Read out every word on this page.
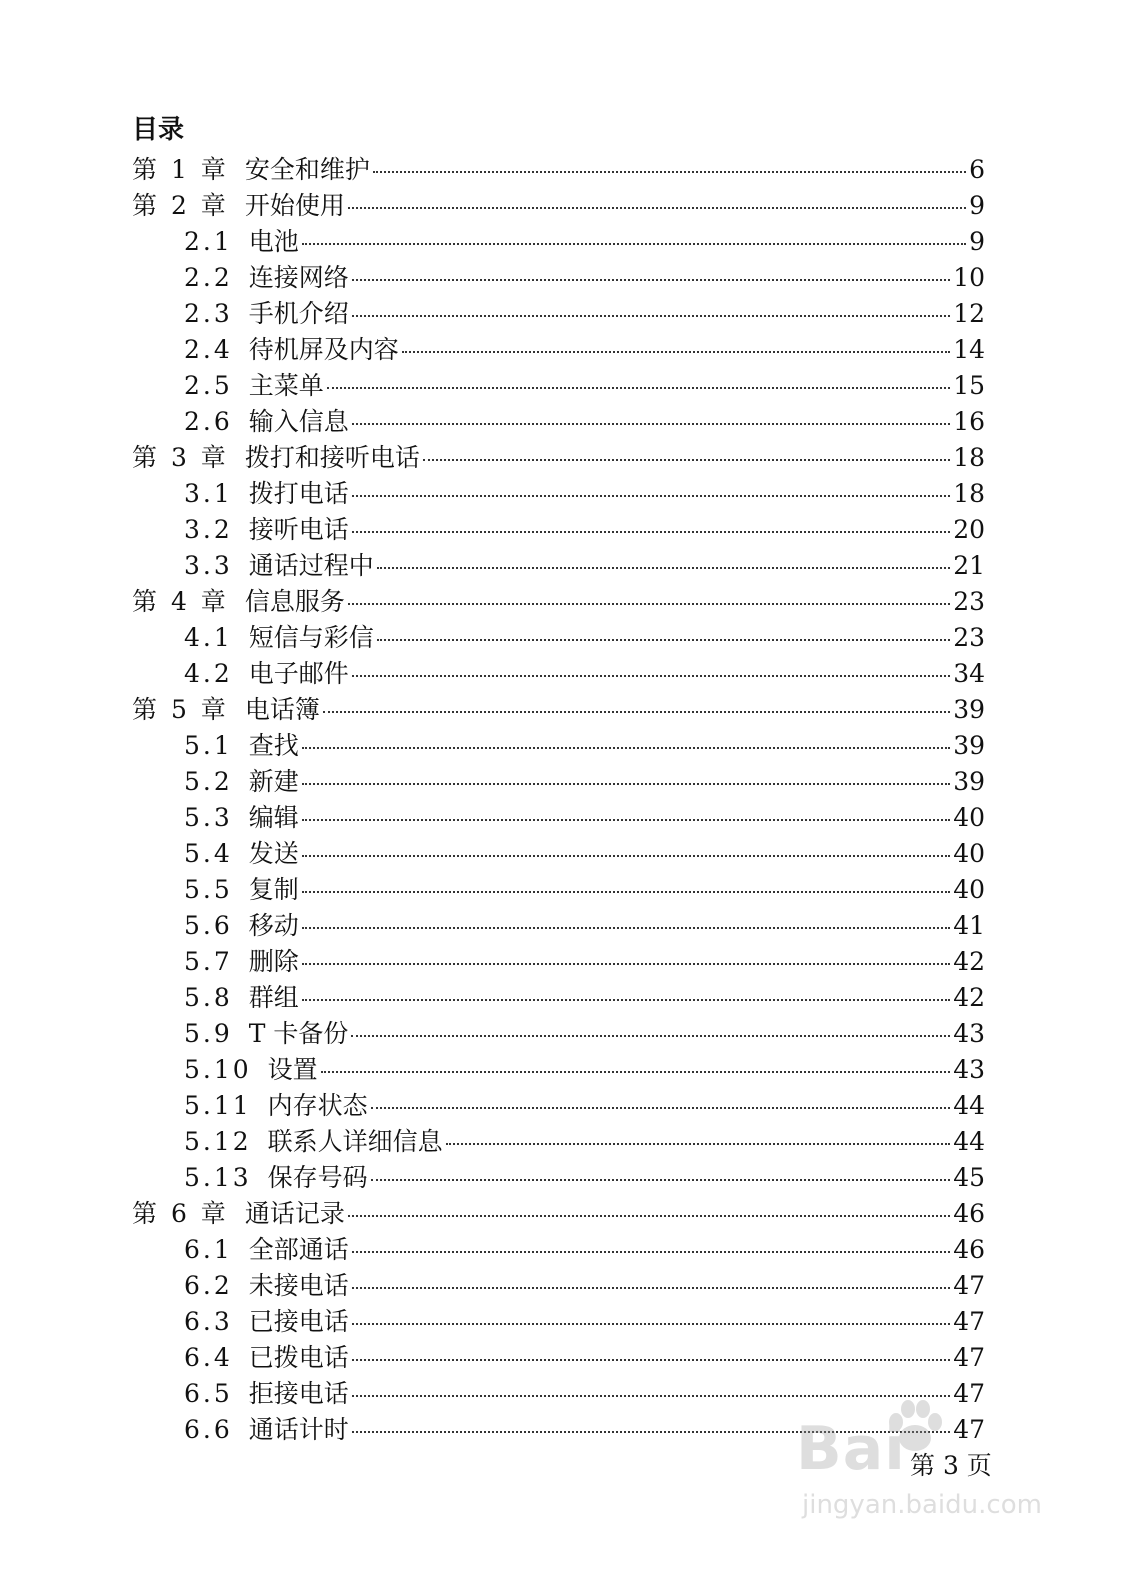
目录
第 1 章 安全和维护	6
第 2 章 开始使用	9
2.1 电池	9
2.2 连接网络	10
2.3 手机介绍	12
2.4 待机屏及内容	14
2.5 主菜单	15
2.6 输入信息	16
第 3 章 拨打和接听电话	18
3.1 拨打电话	18
3.2 接听电话	20
3.3 通话过程中	21
第 4 章 信息服务	23
4.1 短信与彩信	23
4.2 电子邮件	34
第 5 章 电话簿	39
5.1 查找	39
5.2 新建	39
5.3 编辑	40
5.4 发送	40
5.5 复制	40
5.6 移动	41
5.7 删除	42
5.8 群组	42
5.9 T 卡备份	43
5.10 设置	43
5.11 内存状态	44
5.12 联系人详细信息	44
5.13 保存号码	45
第 6 章 通话记录	46
6.1 全部通话	46
6.2 未接电话	47
6.3 已接电话	47
6.4 已拨电话	47
6.5 拒接电话	47
6.6 通话计时	47
第 3 页
Bai
jingyan.baidu.com
